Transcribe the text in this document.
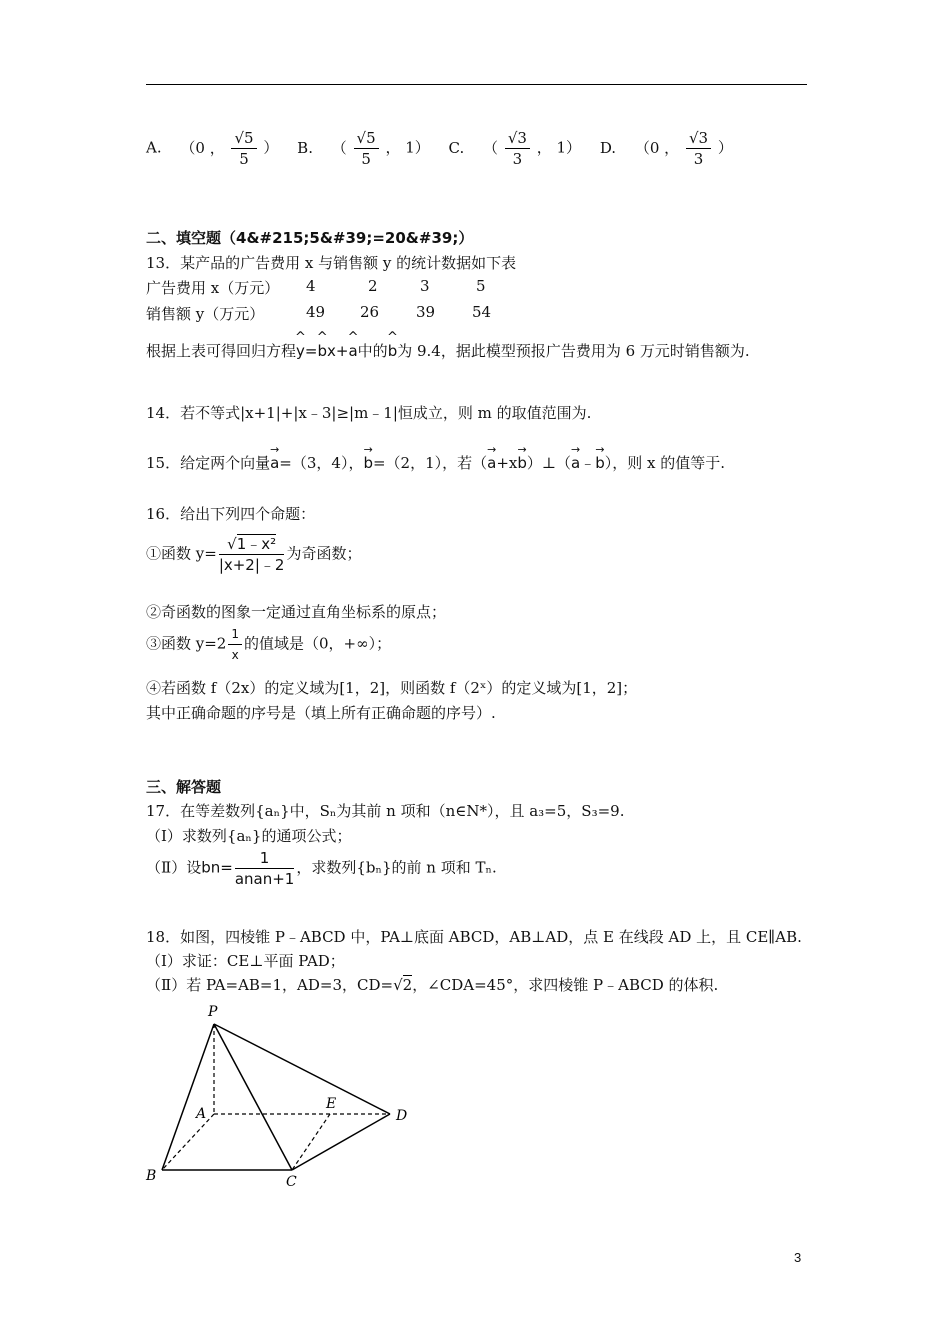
A. （0 ， $\frac{√5}{5}$ ） B. （ $\frac{√5}{5}$ ， 1） C. （ $\frac{√3}{3}$ ， 1） D. （0 ， $\frac{√3}{3}$ ）
二、填空题（4&#215;5&#39;=20&#39;）
13．某产品的广告费用 x 与销售额 y 的统计数据如下表
广告费用 x（万元） 4	2	3	5
销售额 y（万元）	49 26 39 54
根据上表可得回归方程^ y=^ bx+^ a中的^ b为 9.4，据此模型预报广告费用为 6 万元时销售额为.
14．若不等式|x+1|+|x﹣3|≥|m﹣1|恒成立，则 m 的取值范围为.
15．给定两个向量→ a=（3，4），→ b=（2，1），若（→ a+x→ b）⊥（→ a﹣→ b），则 x 的值等于.
16．给出下列四个命题：
①函数 $y= \frac{\text{√1﹣x²}}{|x+2|﹣2}$ 为奇函数；
②奇函数的图象一定通过直角坐标系的原点；
③函数 $y=2 \frac{1}{x}$ 的值域是（0，+∞）；
④若函数 f（2x）的定义域为[1，2]，则函数 f（2ˣ）的定义域为[1，2]；
其中正确命题的序号是（填上所有正确命题的序号）.
三、解答题
17．在等差数列{aₙ}中，Sₙ为其前 n 项和（n∈N*），且 a₃=5，S₃=9.
（Ⅰ）求数列{aₙ}的通项公式；
（Ⅱ）设$bn= \frac{1}{\text{anan+1}}$ ，求数列{bₙ}的前 n 项和 Tₙ.
18．如图，四棱锥 P﹣ABCD 中，PA⊥底面 ABCD，AB⊥AD，点 E 在线段 AD 上，且 CE∥AB.
（Ⅰ）求证：CE⊥平面 PAD；
（Ⅱ）若 PA=AB=1，AD=3，CD=√2，∠CDA=45°，求四棱锥 P﹣ABCD 的体积.
P
A
E
D
B	C
3
